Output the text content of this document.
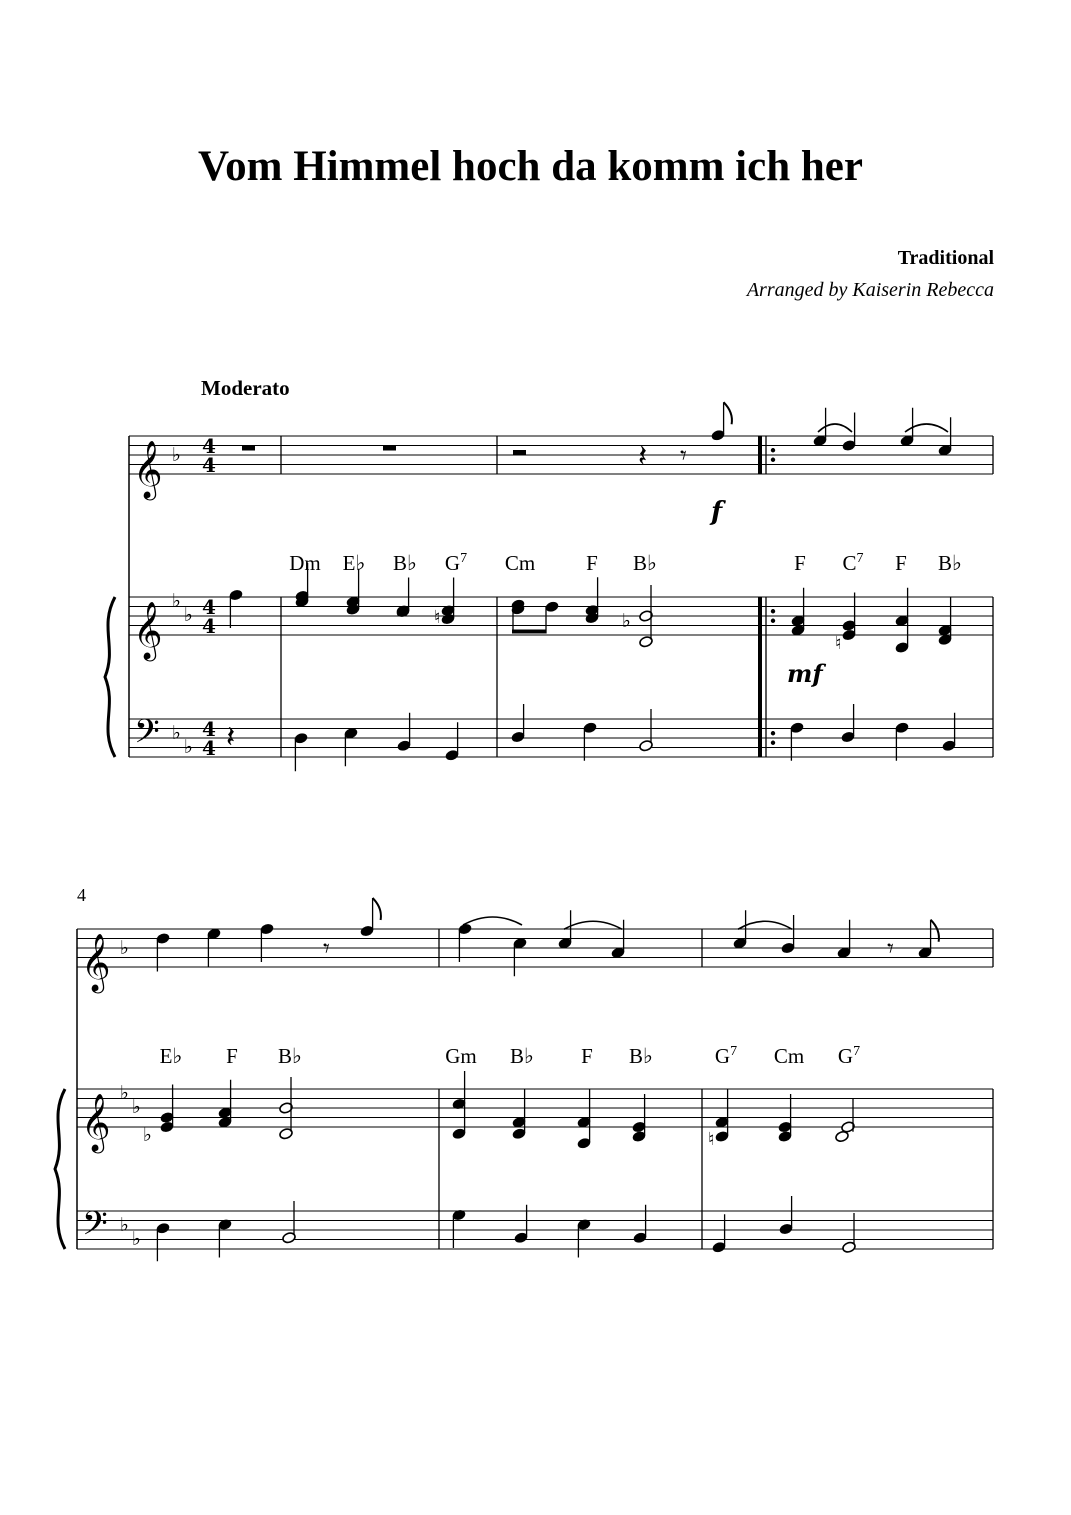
Vom Himmel hoch da komm ich her
Traditional
Arranged by Kaiserin Rebecca
Moderato
4
𝄞 ♭ 4
4
𝄞 ♭
♭ 4
4
𝄢 ♭
♭
4
4
𝄽 𝄾
f
♮	♭
♮
mf
𝄽
Dm E♭ B♭ $G^7$ Cm F B♭	F $C^7$ F B♭
𝄞 ♭
𝄞 ♭
♭
𝄢 ♭
♭
𝄾	𝄾
♭	♮
E♭ F B♭	Gm B♭ F B♭	$G^7$ Cm $G^7$
